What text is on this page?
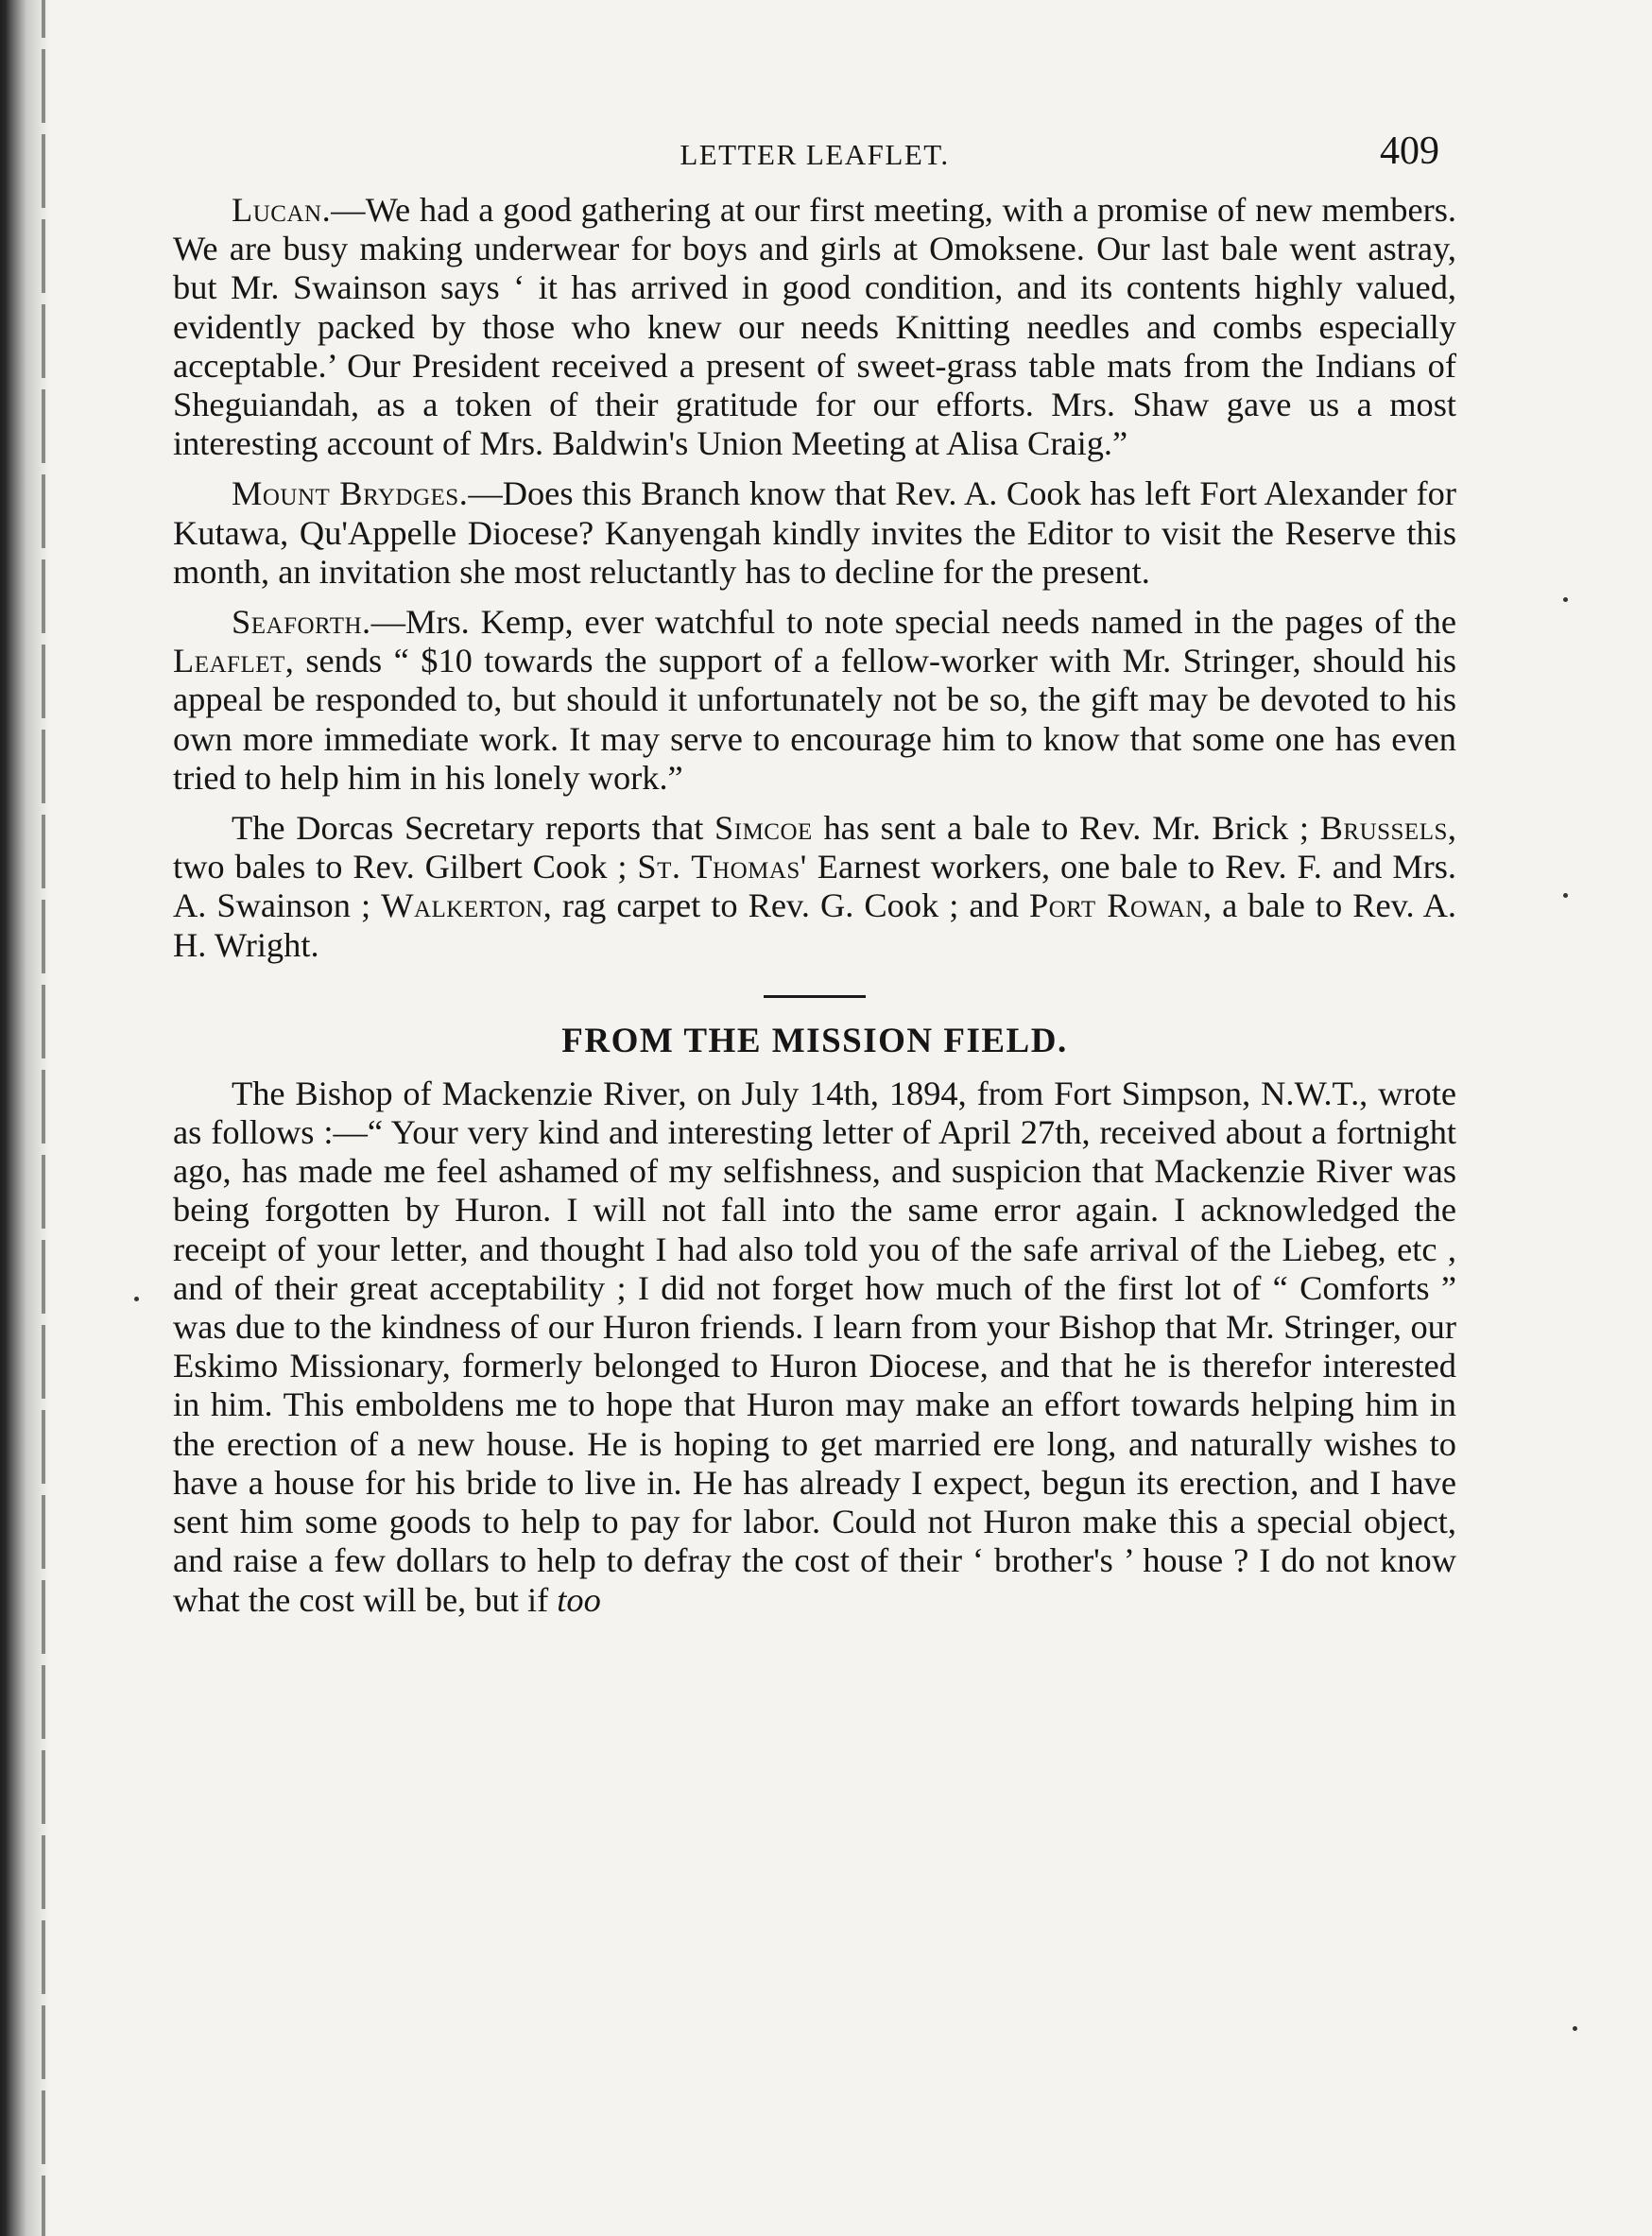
LETTER LEAFLET.	409

Lucan.—We had a good gathering at our first meeting, with a promise of new members. We are busy making underwear for boys and girls at Omoksene. Our last bale went astray, but Mr. Swainson says ‘ it has arrived in good condition, and its contents highly valued, evidently packed by those who knew our needs Knitting needles and combs especially acceptable.’ Our President received a present of sweet-grass table mats from the Indians of Sheguiandah, as a token of their gratitude for our efforts. Mrs. Shaw gave us a most interesting account of Mrs. Baldwin's Union Meeting at Alisa Craig.”

Mount Brydges.—Does this Branch know that Rev. A. Cook has left Fort Alexander for Kutawa, Qu'Appelle Diocese? Kanyengah kindly invites the Editor to visit the Reserve this month, an invitation she most reluctantly has to decline for the present.

Seaforth.—Mrs. Kemp, ever watchful to note special needs named in the pages of the Leaflet, sends “ $10 towards the support of a fellow-worker with Mr. Stringer, should his appeal be responded to, but should it unfortunately not be so, the gift may be devoted to his own more immediate work. It may serve to encourage him to know that some one has even tried to help him in his lonely work.”

The Dorcas Secretary reports that Simcoe has sent a bale to Rev. Mr. Brick ; Brussels, two bales to Rev. Gilbert Cook ; St. Thomas' Earnest workers, one bale to Rev. F. and Mrs. A. Swainson ; Walkerton, rag carpet to Rev. G. Cook ; and Port Rowan, a bale to Rev. A. H. Wright.

FROM THE MISSION FIELD.

The Bishop of Mackenzie River, on July 14th, 1894, from Fort Simpson, N.W.T., wrote as follows :—“ Your very kind and interesting letter of April 27th, received about a fortnight ago, has made me feel ashamed of my selfishness, and suspicion that Mackenzie River was being forgotten by Huron. I will not fall into the same error again. I acknowledged the receipt of your letter, and thought I had also told you of the safe arrival of the Liebeg, etc , and of their great acceptability ; I did not forget how much of the first lot of “ Comforts ” was due to the kindness of our Huron friends. I learn from your Bishop that Mr. Stringer, our Eskimo Missionary, formerly belonged to Huron Diocese, and that he is therefor interested in him. This emboldens me to hope that Huron may make an effort towards helping him in the erection of a new house. He is hoping to get married ere long, and naturally wishes to have a house for his bride to live in. He has already I expect, begun its erection, and I have sent him some goods to help to pay for labor. Could not Huron make this a special object, and raise a few dollars to help to defray the cost of their ‘ brother's ’ house ? I do not know what the cost will be, but if too
